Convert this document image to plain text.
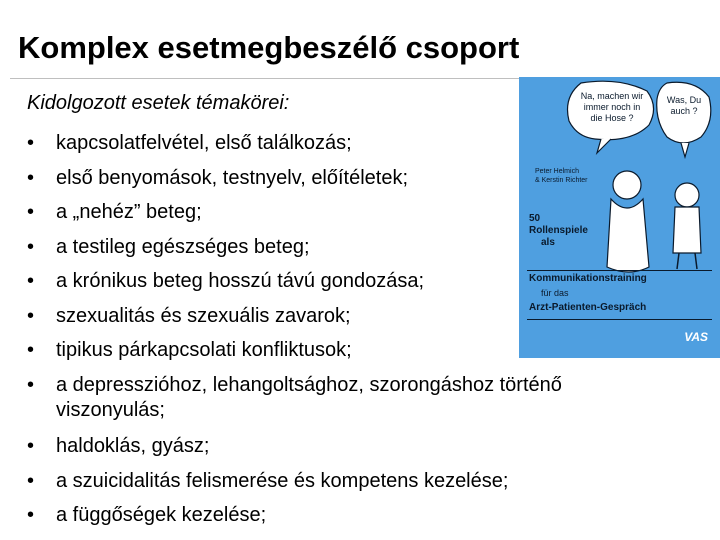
Komplex esetmegbeszélő csoport
Kidolgozott esetek témakörei:
• kapcsolatfelvétel, első találkozás;
• első benyomások, testnyelv, előítéletek;
• a „nehéz” beteg;
• a testileg egészséges beteg;
• a krónikus beteg hosszú távú gondozása;
• szexualitás és szexuális zavarok;
• tipikus párkapcsolati konfliktusok;
• a depresszióhoz, lehangoltsághoz, szorongáshoz történő
viszonyulás;
• haldoklás, gyász;
• a szuicidalitás felismerése és kompetens kezelése;
• a függőségek kezelése;
Na, machen wir immer noch in die Hose ?
Was, Du auch ?
Peter Helmich
& Kerstin Richter
50
Rollenspiele
als
Kommunikationstraining
für das
Arzt-Patienten-Gespräch
VAS
